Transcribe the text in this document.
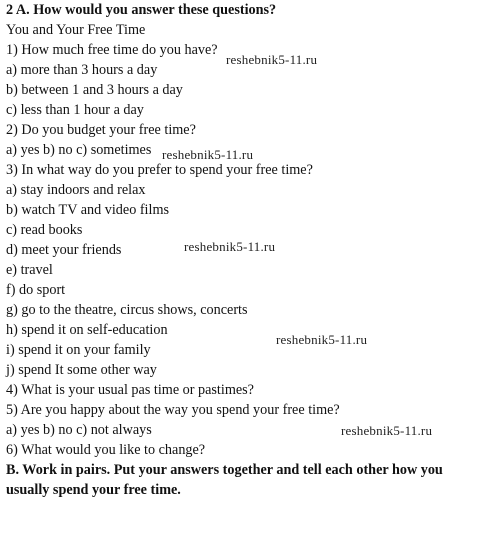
2 A. How would you answer these questions?

You and Your Free Time

1) How much free time do you have?

a) more than 3 hours a day

b) between 1 and 3 hours a day

c) less than 1 hour a day

2) Do you budget your free time?

a) yes b) no c) sometimes

3) In what way do you prefer to spend your free time?

a) stay indoors and relax

b) watch TV and video films

c) read books

d) meet your friends

e) travel

f) do sport

g) go to the theatre, circus shows, concerts

h) spend it on self-education

i) spend it on your family

j) spend It some other way

4) What is your usual pas time or pastimes?

5) Are you happy about the way you spend your free time?

a) yes b) no c) not always

6) What would you like to change?

B. Work in pairs. Put your answers together and tell each other how you usually spend your free time.

reshebnik5-11.ru
reshebnik5-11.ru
reshebnik5-11.ru
reshebnik5-11.ru
reshebnik5-11.ru
